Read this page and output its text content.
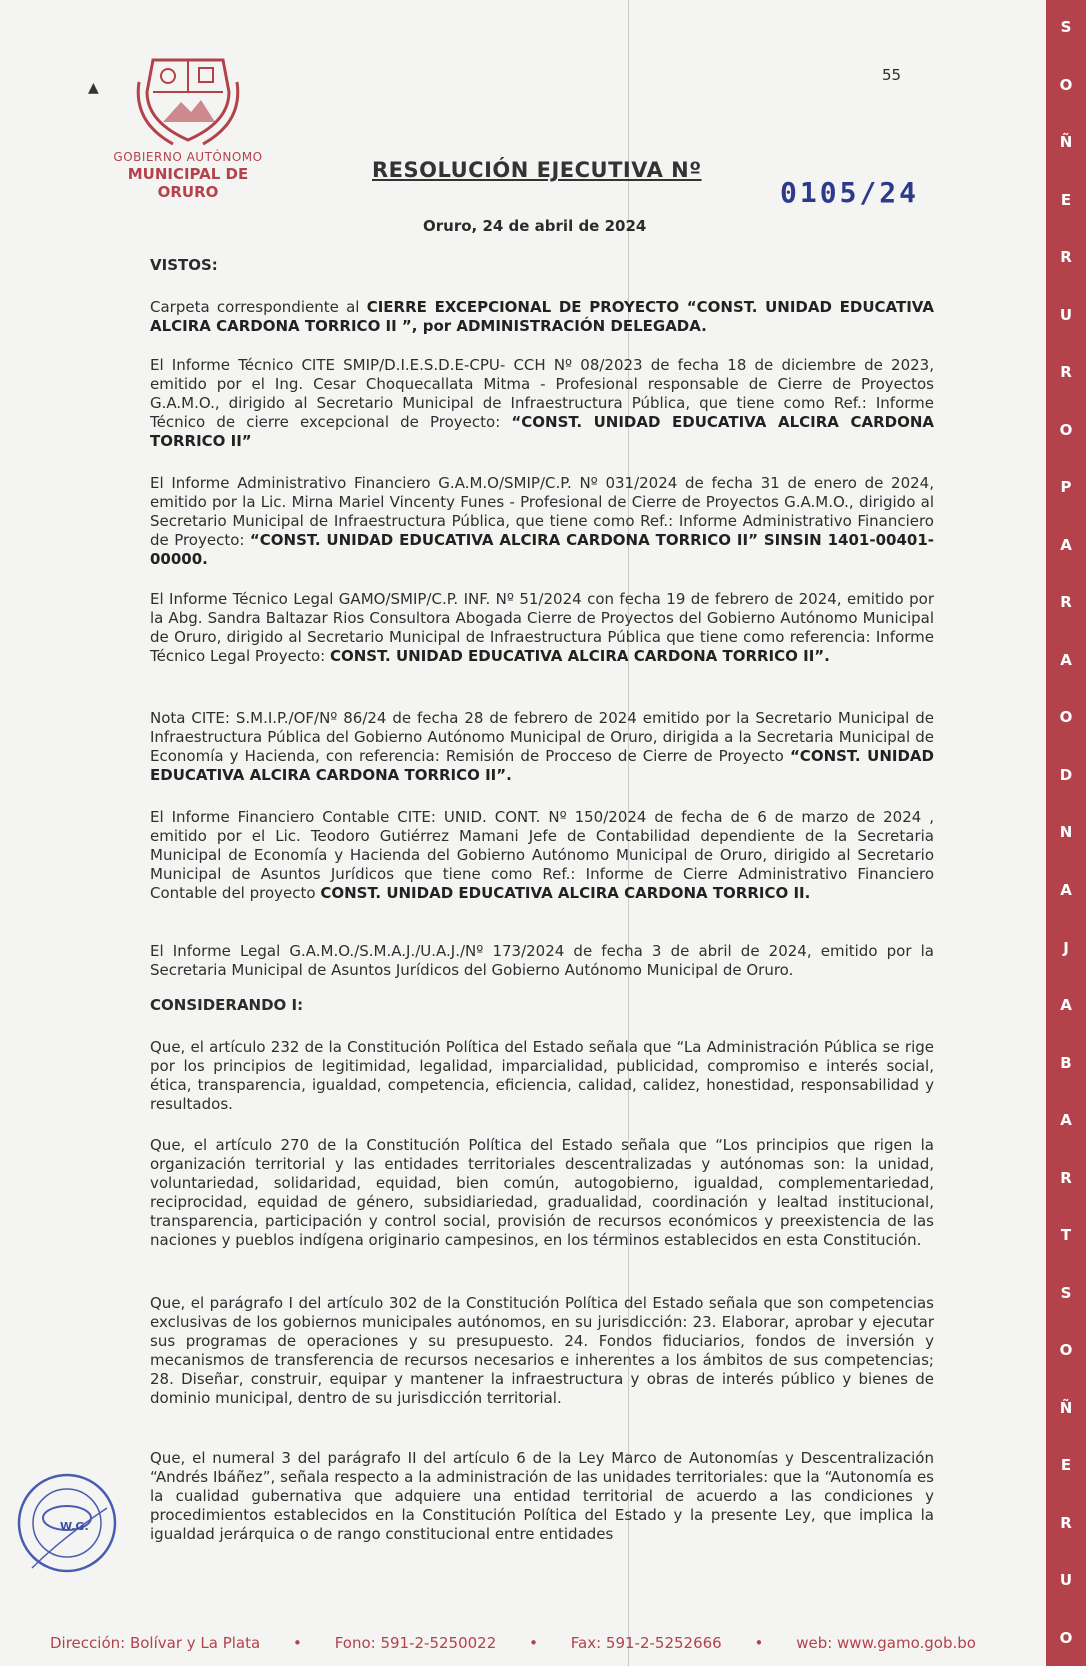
S
O
Ñ
E
R
U
R
O
P
A
R
A
O
D
N
A
J
A
B
A
R
T
S
O
Ñ
E
R
U
O
▲
GOBIERNO AUTÓNOMO
MUNICIPAL DE ORURO
55
RESOLUCIÓN EJECUTIVA Nº
0105/24
Oruro, 24 de abril de 2024
VISTOS:
Carpeta correspondiente al CIERRE EXCEPCIONAL DE PROYECTO “CONST. UNIDAD EDUCATIVA ALCIRA CARDONA TORRICO II ”, por ADMINISTRACIÓN DELEGADA.
El Informe Técnico CITE SMIP/D.I.E.S.D.E-CPU- CCH Nº 08/2023 de fecha 18 de diciembre de 2023, emitido por el Ing. Cesar Choquecallata Mitma - Profesional responsable de Cierre de Proyectos G.A.M.O., dirigido al Secretario Municipal de Infraestructura Pública, que tiene como Ref.: Informe Técnico de cierre excepcional de Proyecto: “CONST. UNIDAD EDUCATIVA ALCIRA CARDONA TORRICO II”
El Informe Administrativo Financiero G.A.M.O/SMIP/C.P. Nº 031/2024 de fecha 31 de enero de 2024, emitido por la Lic. Mirna Mariel Vincenty Funes - Profesional de Cierre de Proyectos G.A.M.O., dirigido al Secretario Municipal de Infraestructura Pública, que tiene como Ref.: Informe Administrativo Financiero de Proyecto: “CONST. UNIDAD EDUCATIVA ALCIRA CARDONA TORRICO II” SINSIN 1401-00401-00000.
El Informe Técnico Legal GAMO/SMIP/C.P. INF. Nº 51/2024 con fecha 19 de febrero de 2024, emitido por la Abg. Sandra Baltazar Rios Consultora Abogada Cierre de Proyectos del Gobierno Autónomo Municipal de Oruro, dirigido al Secretario Municipal de Infraestructura Pública que tiene como referencia: Informe Técnico Legal Proyecto: CONST. UNIDAD EDUCATIVA ALCIRA CARDONA TORRICO II”.
Nota CITE: S.M.I.P./OF/Nº 86/24 de fecha 28 de febrero de 2024 emitido por la Secretario Municipal de Infraestructura Pública del Gobierno Autónomo Municipal de Oruro, dirigida a la Secretaria Municipal de Economía y Hacienda, con referencia: Remisión de Procceso de Cierre de Proyecto “CONST. UNIDAD EDUCATIVA ALCIRA CARDONA TORRICO II”.
El Informe Financiero Contable CITE: UNID. CONT. Nº 150/2024 de fecha de 6 de marzo de 2024 , emitido por el Lic. Teodoro Gutiérrez Mamani Jefe de Contabilidad dependiente de la Secretaria Municipal de Economía y Hacienda del Gobierno Autónomo Municipal de Oruro, dirigido al Secretario Municipal de Asuntos Jurídicos que tiene como Ref.: Informe de Cierre Administrativo Financiero Contable del proyecto CONST. UNIDAD EDUCATIVA ALCIRA CARDONA TORRICO II.
El Informe Legal G.A.M.O./S.M.A.J./U.A.J./Nº 173/2024 de fecha 3 de abril de 2024, emitido por la Secretaria Municipal de Asuntos Jurídicos del Gobierno Autónomo Municipal de Oruro.
CONSIDERANDO I:
Que, el artículo 232 de la Constitución Política del Estado señala que “La Administración Pública se rige por los principios de legitimidad, legalidad, imparcialidad, publicidad, compromiso e interés social, ética, transparencia, igualdad, competencia, eficiencia, calidad, calidez, honestidad, responsabilidad y resultados.
Que, el artículo 270 de la Constitución Política del Estado señala que “Los principios que rigen la organización territorial y las entidades territoriales descentralizadas y autónomas son: la unidad, voluntariedad, solidaridad, equidad, bien común, autogobierno, igualdad, complementariedad, reciprocidad, equidad de género, subsidiariedad, gradualidad, coordinación y lealtad institucional, transparencia, participación y control social, provisión de recursos económicos y preexistencia de las naciones y pueblos indígena originario campesinos, en los términos establecidos en esta Constitución.
Que, el parágrafo I del artículo 302 de la Constitución Política del Estado señala que son competencias exclusivas de los gobiernos municipales autónomos, en su jurisdicción: 23. Elaborar, aprobar y ejecutar sus programas de operaciones y su presupuesto. 24. Fondos fiduciarios, fondos de inversión y mecanismos de transferencia de recursos necesarios e inherentes a los ámbitos de sus competencias; 28. Diseñar, construir, equipar y mantener la infraestructura y obras de interés público y bienes de dominio municipal, dentro de su jurisdicción territorial.
Que, el numeral 3 del parágrafo II del artículo 6 de la Ley Marco de Autonomías y Descentralización “Andrés Ibáñez”, señala respecto a la administración de las unidades territoriales: que la “Autonomía es la cualidad gubernativa que adquiere una entidad territorial de acuerdo a las condiciones y procedimientos establecidos en la Constitución Política del Estado y la presente Ley, que implica la igualdad jerárquica o de rango constitucional entre entidades
W.G.
Dirección: Bolívar y La Plata • Fono: 591-2-5250022 • Fax: 591-2-5252666 • web: www.gamo.gob.bo
